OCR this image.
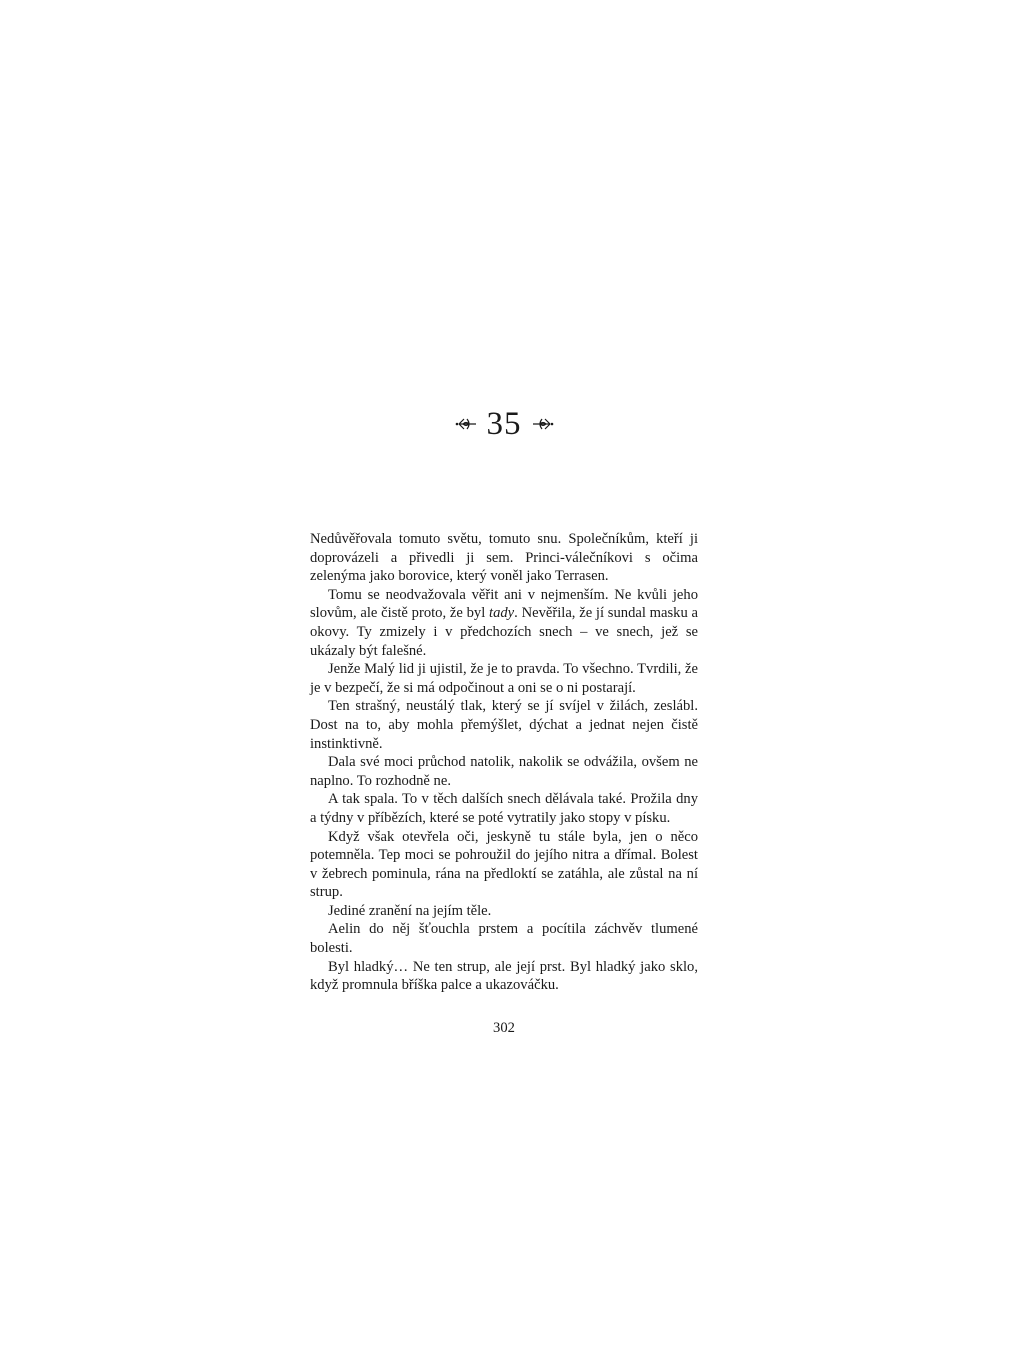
35

Nedůvěřovala tomuto světu, tomuto snu. Společníkům, kteří ji doprovázeli a přivedli ji sem. Princi-válečníkovi s očima zelenýma jako borovice, který voněl jako Terrasen.

Tomu se neodvažovala věřit ani v nejmenším. Ne kvůli jeho slovům, ale čistě proto, že byl tady. Nevěřila, že jí sundal masku a okovy. Ty zmizely i v předchozích snech – ve snech, jež se ukázaly být falešné.

Jenže Malý lid ji ujistil, že je to pravda. To všechno. Tvrdili, že je v bezpečí, že si má odpočinout a oni se o ni postarají.

Ten strašný, neustálý tlak, který se jí svíjel v žilách, zeslábl. Dost na to, aby mohla přemýšlet, dýchat a jednat nejen čistě instinktivně.

Dala své moci průchod natolik, nakolik se odvážila, ovšem ne naplno. To rozhodně ne.

A tak spala. To v těch dalších snech dělávala také. Prožila dny a týdny v příbězích, které se poté vytratily jako stopy v písku.

Když však otevřela oči, jeskyně tu stále byla, jen o něco potemněla. Tep moci se pohroužil do jejího nitra a dřímal. Bolest v žebrech pominula, rána na předloktí se zatáhla, ale zůstal na ní strup.

Jediné zranění na jejím těle.

Aelin do něj šťouchla prstem a pocítila záchvěv tlumené bolesti.

Byl hladký… Ne ten strup, ale její prst. Byl hladký jako sklo, když promnula bříška palce a ukazováčku.

302
